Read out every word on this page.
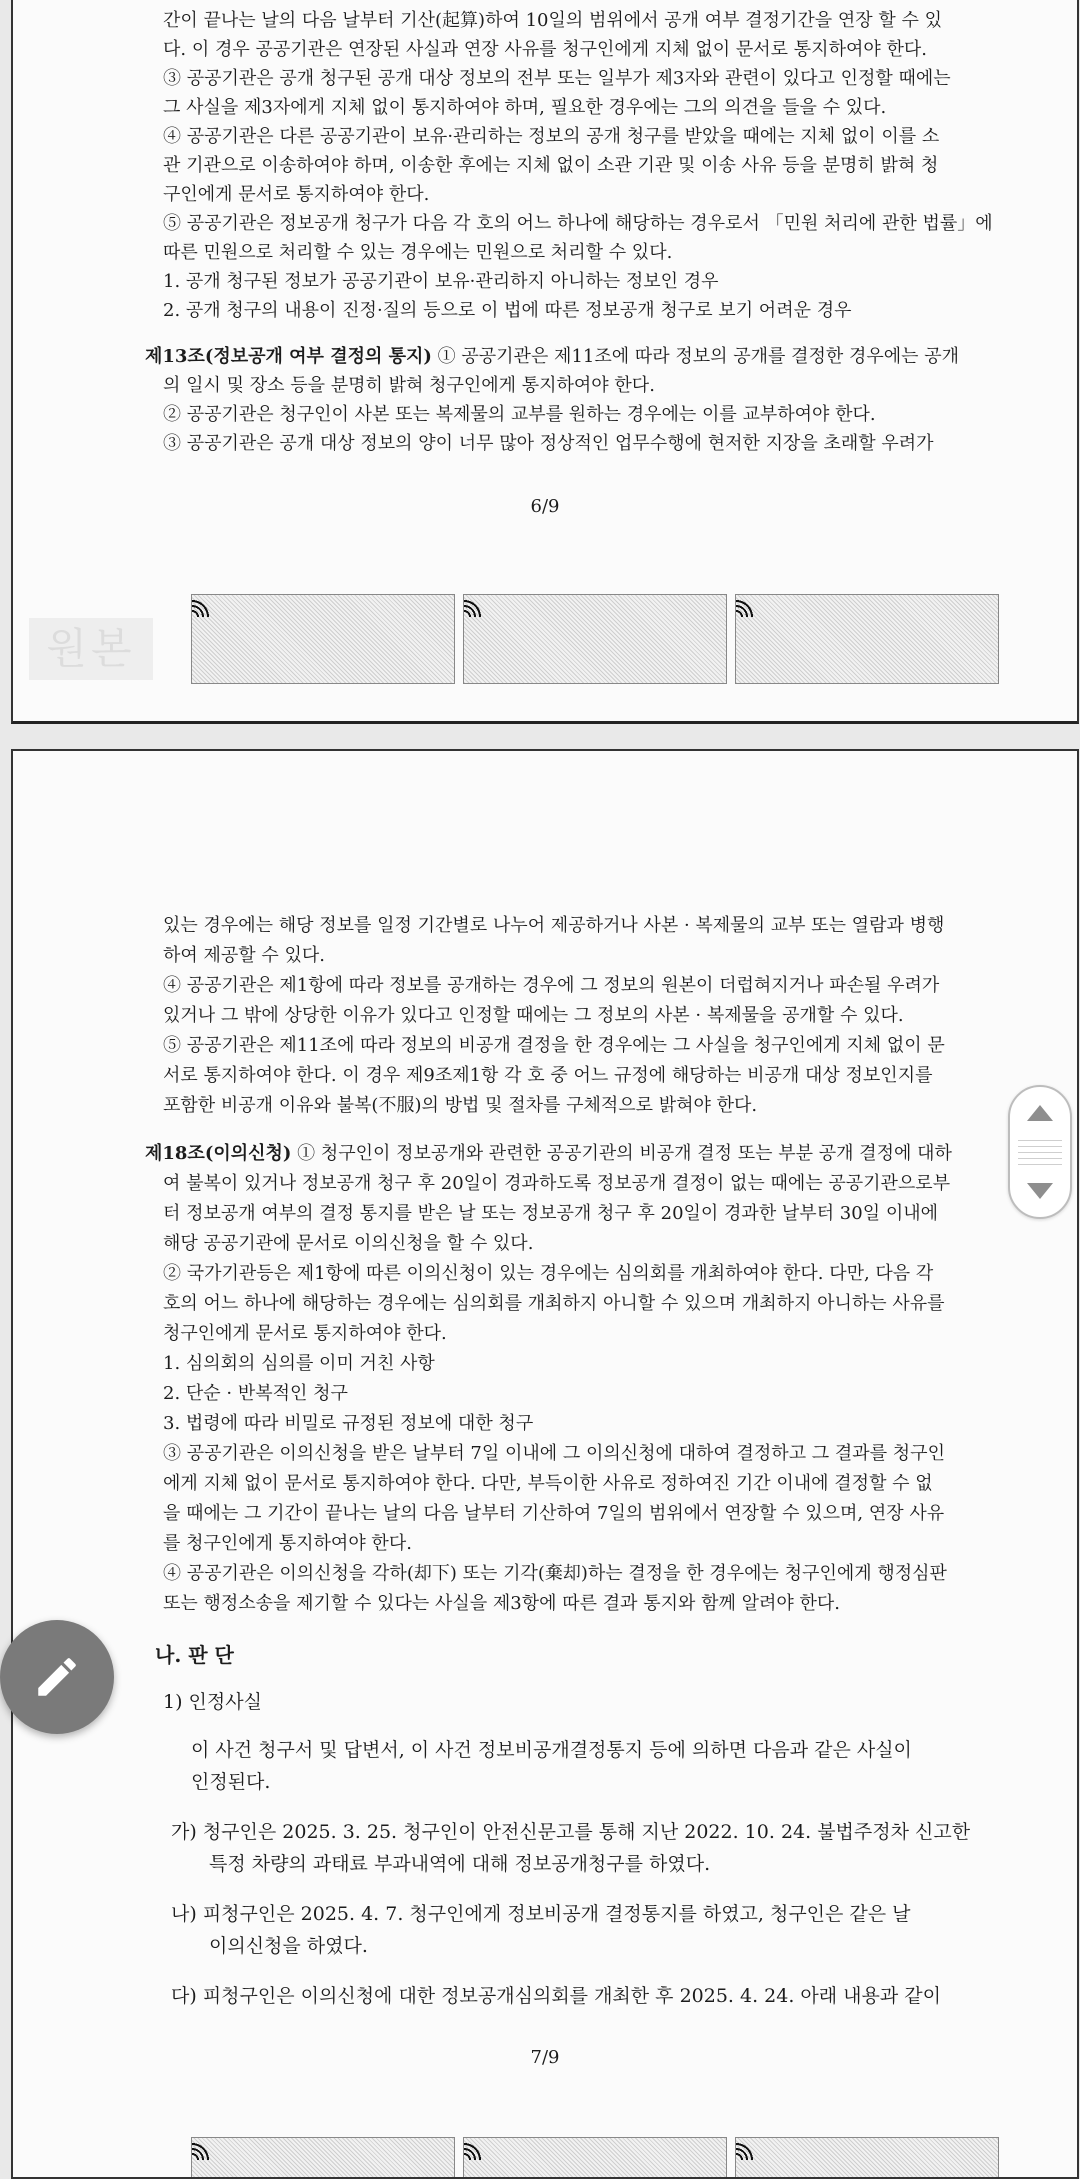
간이 끝나는 날의 다음 날부터 기산(起算)하여 10일의 범위에서 공개 여부 결정기간을 연장 할 수 있
다. 이 경우 공공기관은 연장된 사실과 연장 사유를 청구인에게 지체 없이 문서로 통지하여야 한다.
③ 공공기관은 공개 청구된 공개 대상 정보의 전부 또는 일부가 제3자와 관련이 있다고 인정할 때에는
그 사실을 제3자에게 지체 없이 통지하여야 하며, 필요한 경우에는 그의 의견을 들을 수 있다.
④ 공공기관은 다른 공공기관이 보유·관리하는 정보의 공개 청구를 받았을 때에는 지체 없이 이를 소
관 기관으로 이송하여야 하며, 이송한 후에는 지체 없이 소관 기관 및 이송 사유 등을 분명히 밝혀 청
구인에게 문서로 통지하여야 한다.
⑤ 공공기관은 정보공개 청구가 다음 각 호의 어느 하나에 해당하는 경우로서 「민원 처리에 관한 법률」에
따른 민원으로 처리할 수 있는 경우에는 민원으로 처리할 수 있다.
1. 공개 청구된 정보가 공공기관이 보유·관리하지 아니하는 정보인 경우
2. 공개 청구의 내용이 진정·질의 등으로 이 법에 따른 정보공개 청구로 보기 어려운 경우
제13조(정보공개 여부 결정의 통지) ① 공공기관은 제11조에 따라 정보의 공개를 결정한 경우에는 공개
의 일시 및 장소 등을 분명히 밝혀 청구인에게 통지하여야 한다.
② 공공기관은 청구인이 사본 또는 복제물의 교부를 원하는 경우에는 이를 교부하여야 한다.
③ 공공기관은 공개 대상 정보의 양이 너무 많아 정상적인 업무수행에 현저한 지장을 초래할 우려가
6/9
원본
있는 경우에는 해당 정보를 일정 기간별로 나누어 제공하거나 사본 · 복제물의 교부 또는 열람과 병행
하여 제공할 수 있다.
④ 공공기관은 제1항에 따라 정보를 공개하는 경우에 그 정보의 원본이 더럽혀지거나 파손될 우려가
있거나 그 밖에 상당한 이유가 있다고 인정할 때에는 그 정보의 사본 · 복제물을 공개할 수 있다.
⑤ 공공기관은 제11조에 따라 정보의 비공개 결정을 한 경우에는 그 사실을 청구인에게 지체 없이 문
서로 통지하여야 한다. 이 경우 제9조제1항 각 호 중 어느 규정에 해당하는 비공개 대상 정보인지를
포함한 비공개 이유와 불복(不服)의 방법 및 절차를 구체적으로 밝혀야 한다.
제18조(이의신청) ① 청구인이 정보공개와 관련한 공공기관의 비공개 결정 또는 부분 공개 결정에 대하
여 불복이 있거나 정보공개 청구 후 20일이 경과하도록 정보공개 결정이 없는 때에는 공공기관으로부
터 정보공개 여부의 결정 통지를 받은 날 또는 정보공개 청구 후 20일이 경과한 날부터 30일 이내에
해당 공공기관에 문서로 이의신청을 할 수 있다.
② 국가기관등은 제1항에 따른 이의신청이 있는 경우에는 심의회를 개최하여야 한다. 다만, 다음 각
호의 어느 하나에 해당하는 경우에는 심의회를 개최하지 아니할 수 있으며 개최하지 아니하는 사유를
청구인에게 문서로 통지하여야 한다.
1. 심의회의 심의를 이미 거친 사항
2. 단순 · 반복적인 청구
3. 법령에 따라 비밀로 규정된 정보에 대한 청구
③ 공공기관은 이의신청을 받은 날부터 7일 이내에 그 이의신청에 대하여 결정하고 그 결과를 청구인
에게 지체 없이 문서로 통지하여야 한다. 다만, 부득이한 사유로 정하여진 기간 이내에 결정할 수 없
을 때에는 그 기간이 끝나는 날의 다음 날부터 기산하여 7일의 범위에서 연장할 수 있으며, 연장 사유
를 청구인에게 통지하여야 한다.
④ 공공기관은 이의신청을 각하(却下) 또는 기각(棄却)하는 결정을 한 경우에는 청구인에게 행정심판
또는 행정소송을 제기할 수 있다는 사실을 제3항에 따른 결과 통지와 함께 알려야 한다.
나. 판 단
1) 인정사실
이 사건 청구서 및 답변서, 이 사건 정보비공개결정통지 등에 의하면 다음과 같은 사실이
인정된다.
가) 청구인은 2025. 3. 25. 청구인이 안전신문고를 통해 지난 2022. 10. 24. 불법주정차 신고한
특정 차량의 과태료 부과내역에 대해 정보공개청구를 하였다.
나) 피청구인은 2025. 4. 7. 청구인에게 정보비공개 결정통지를 하였고, 청구인은 같은 날
이의신청을 하였다.
다) 피청구인은 이의신청에 대한 정보공개심의회를 개최한 후 2025. 4. 24. 아래 내용과 같이
7/9
